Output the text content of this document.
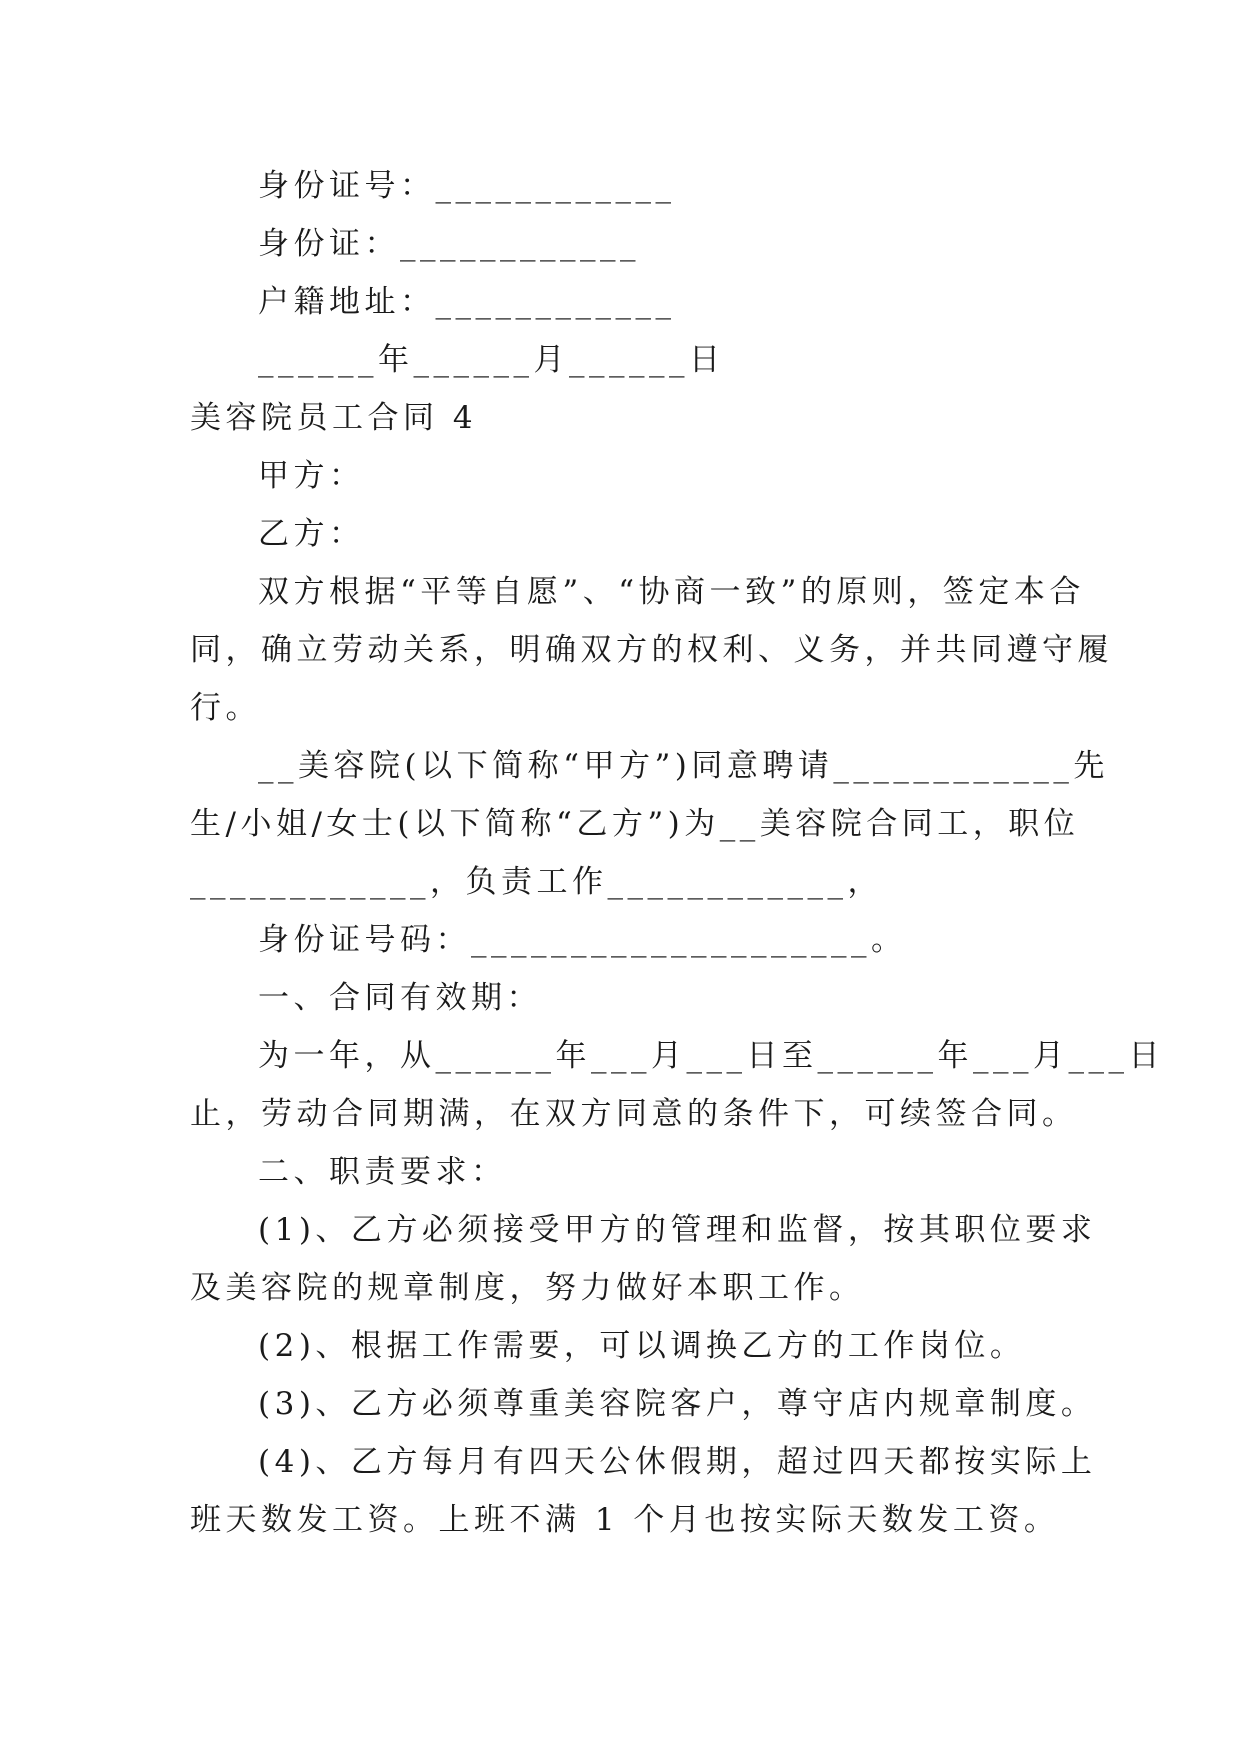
身份证号：____________
身份证：____________
户籍地址：____________
______年______月______日
美容院员工合同 4
甲方：
乙方：
双方根据“平等自愿”、“协商一致”的原则，签定本合
同，确立劳动关系，明确双方的权利、义务，并共同遵守履
行。
__美容院(以下简称“甲方”)同意聘请____________先
生/小姐/女士(以下简称“乙方”)为__美容院合同工，职位
____________，负责工作____________，
身份证号码：____________________。
一、合同有效期：
为一年，从______年___月___日至______年___月___日
止，劳动合同期满，在双方同意的条件下，可续签合同。
二、职责要求：
(1)、乙方必须接受甲方的管理和监督，按其职位要求
及美容院的规章制度，努力做好本职工作。
(2)、根据工作需要，可以调换乙方的工作岗位。
(3)、乙方必须尊重美容院客户，尊守店内规章制度。
(4)、乙方每月有四天公休假期，超过四天都按实际上
班天数发工资。上班不满 1 个月也按实际天数发工资。
